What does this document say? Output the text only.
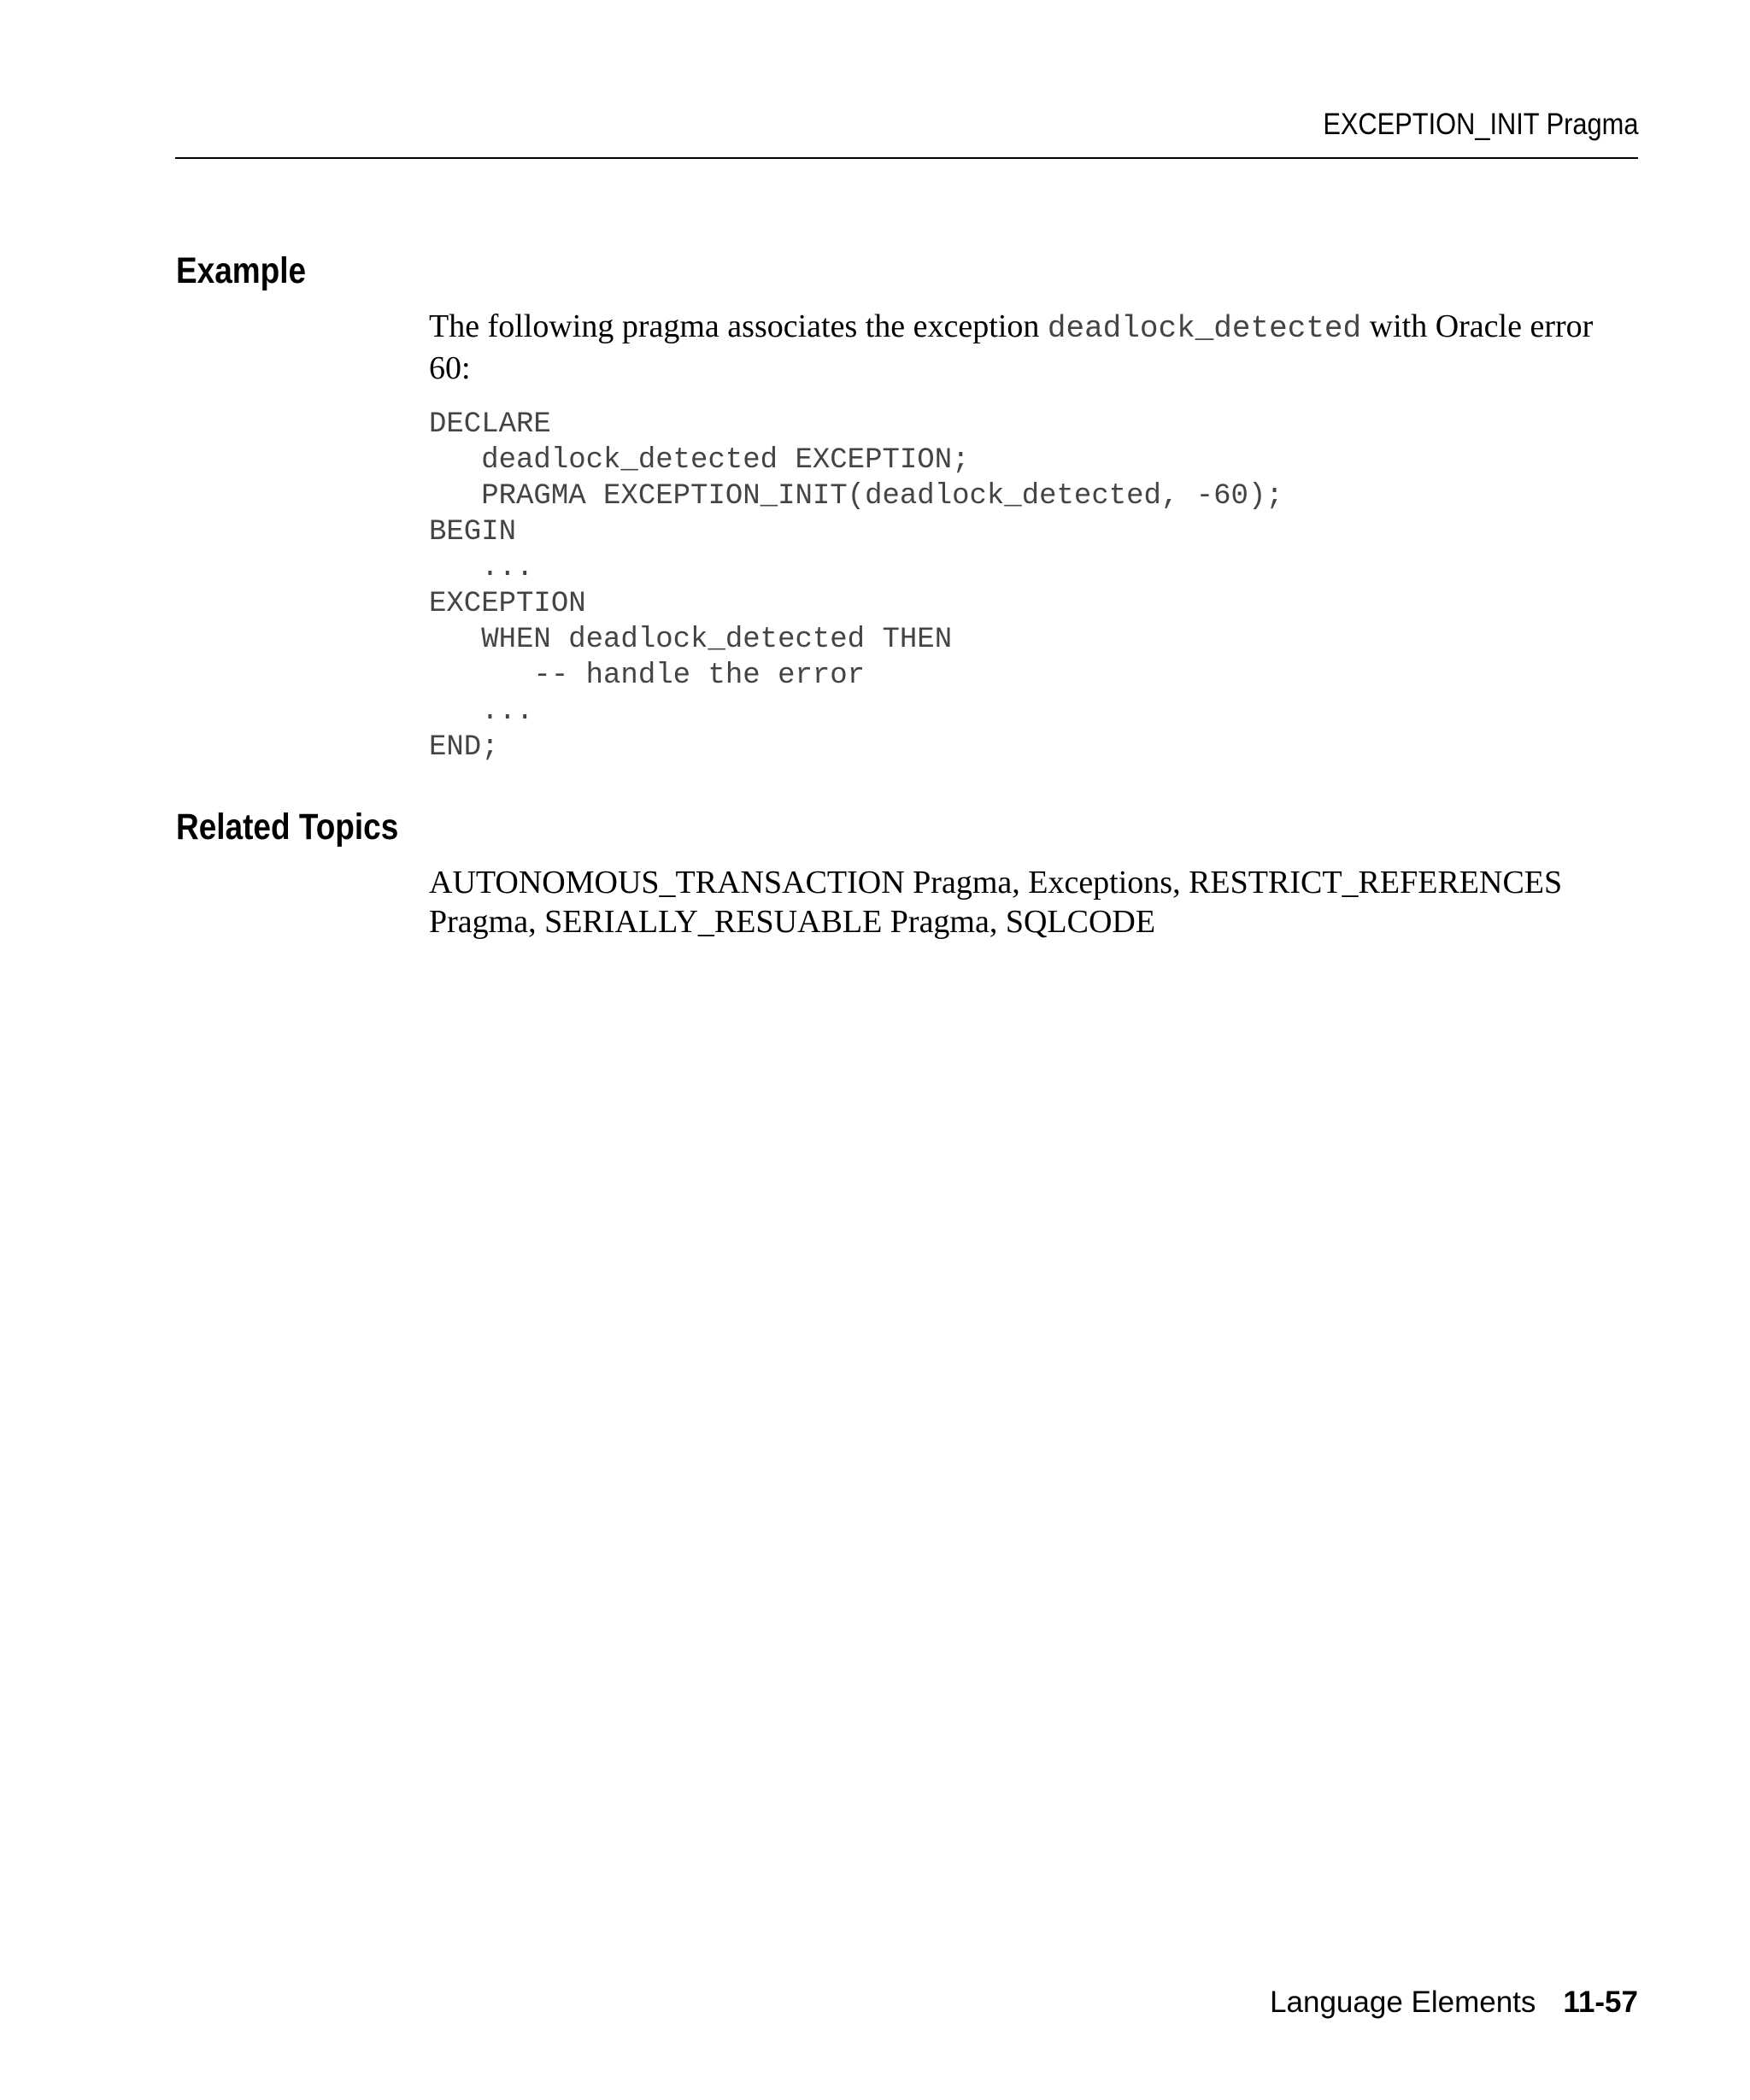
EXCEPTION_INIT Pragma
Example

The following pragma associates the exception deadlock_detected with Oracle error 60:

DECLARE
deadlock_detected EXCEPTION;
PRAGMA EXCEPTION_INIT(deadlock_detected, -60);
BEGIN
...
EXCEPTION
WHEN deadlock_detected THEN
-- handle the error
...
END;
Related Topics

AUTONOMOUS_TRANSACTION Pragma, Exceptions, RESTRICT_REFERENCES Pragma, SERIALLY_RESUABLE Pragma, SQLCODE

Language Elements 11-57
